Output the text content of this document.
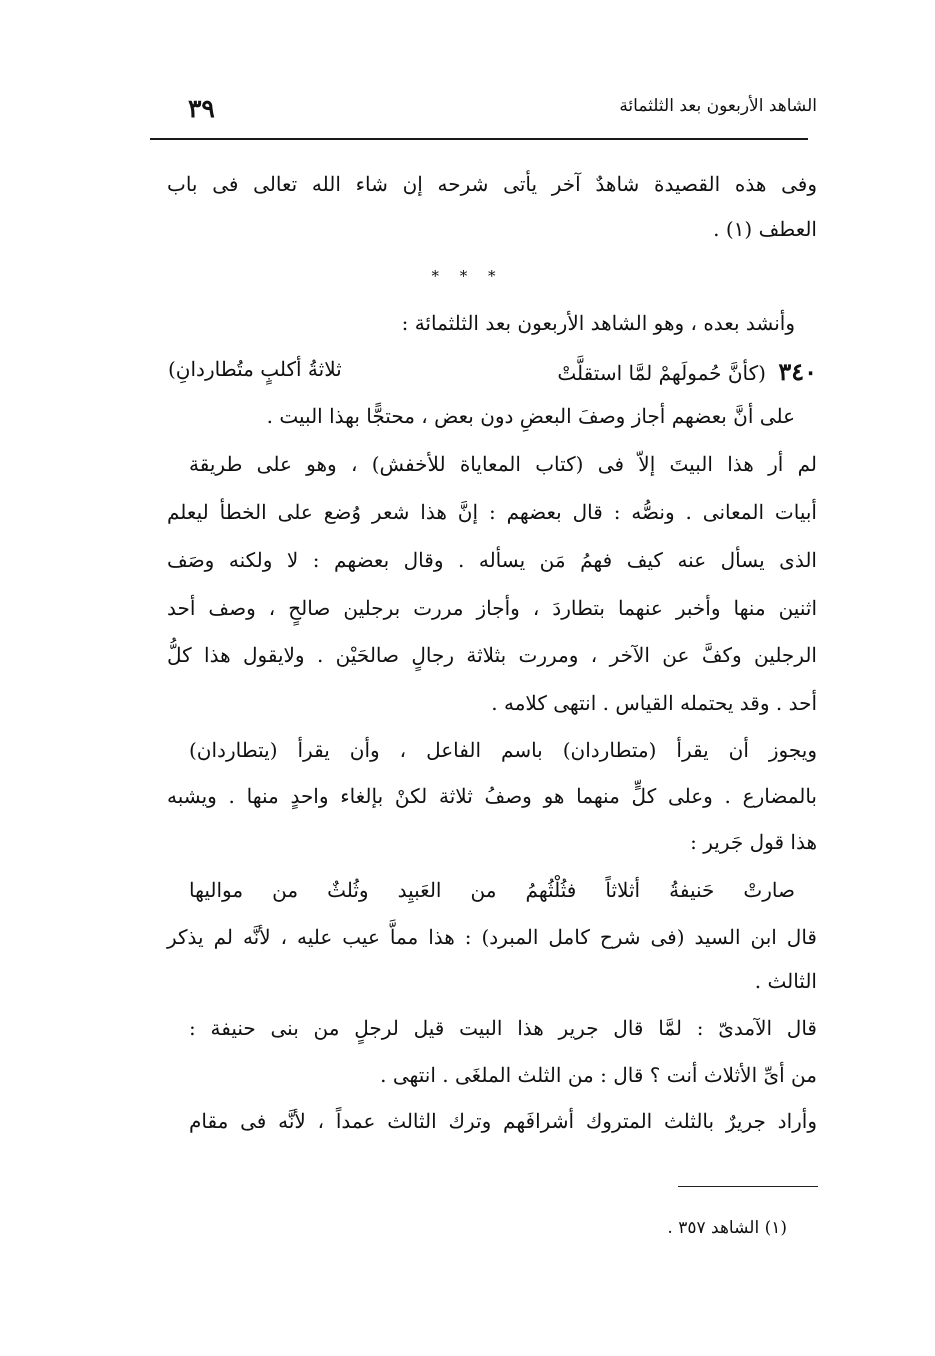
الشاهد الأربعون بعد الثلثمائة
٣٩
وفى هذه القصيدة شاهدٌ آخر يأتى شرحه إن شاء الله تعالى فى باب
العطف (١) .
* * *
وأنشد بعده ، وهو الشاهد الأربعون بعد الثلثمائة :
٣٤٠ (كأنَّ حُمولَهمْ لمَّا استقلَّتْ
ثلاثةُ أكلبٍ متُطاردانِ)
على أنَّ بعضهم أجاز وصفَ البعضِ دون بعض ، محتجًّا بهذا البيت .
لم أر هذا البيتَ إلاّ فى (كتاب المعاياة للأخفش) ، وهو على طريقة
أبيات المعانى . ونصُّه : قال بعضهم : إنَّ هذا شعر وُضع على الخطأ ليعلم
الذى يسأل عنه كيف فهمُ مَن يسأله . وقال بعضهم : لا ولكنه وصَف
اثنين منها وأخبر عنهما بتطاردَ ، وأجاز مررت برجلين صالحٍ ، وصف أحد
الرجلين وكفَّ عن الآخر ، ومررت بثلاثة رجالٍ صالحَيْن . ولايقول هذا كلُّ
أحد . وقد يحتمله القياس . انتهى كلامه .
ويجوز أن يقرأ (متطاردان) باسم الفاعل ، وأن يقرأ (يتطاردان)
بالمضارع . وعلى كلٍّ منهما هو وصفُ ثلاثة لكنْ بإلغاء واحدٍ منها . ويشبه
هذا قول جَرير :
صارتْ حَنيفةُ أثلاثاً فثُلْثُهمُ من العَبيِد وثُلثٌ من مواليها
قال ابن السيد (فى شرح كامل المبرد) : هذا مماَّ عيب عليه ، لأنَّه لم يذكر
الثالث .
قال الآمدىّ : لمَّا قال جرير هذا البيت قيل لرجلٍ من بنى حنيفة :
من أىِّ الأثلاث أنت ؟ قال : من الثلث الملغَى . انتهى .
وأراد جريرٌ بالثلث المتروك أشرافَهم وترك الثالث عمداً ، لأنَّه فى مقام
(١) الشاهد ٣٥٧ .
